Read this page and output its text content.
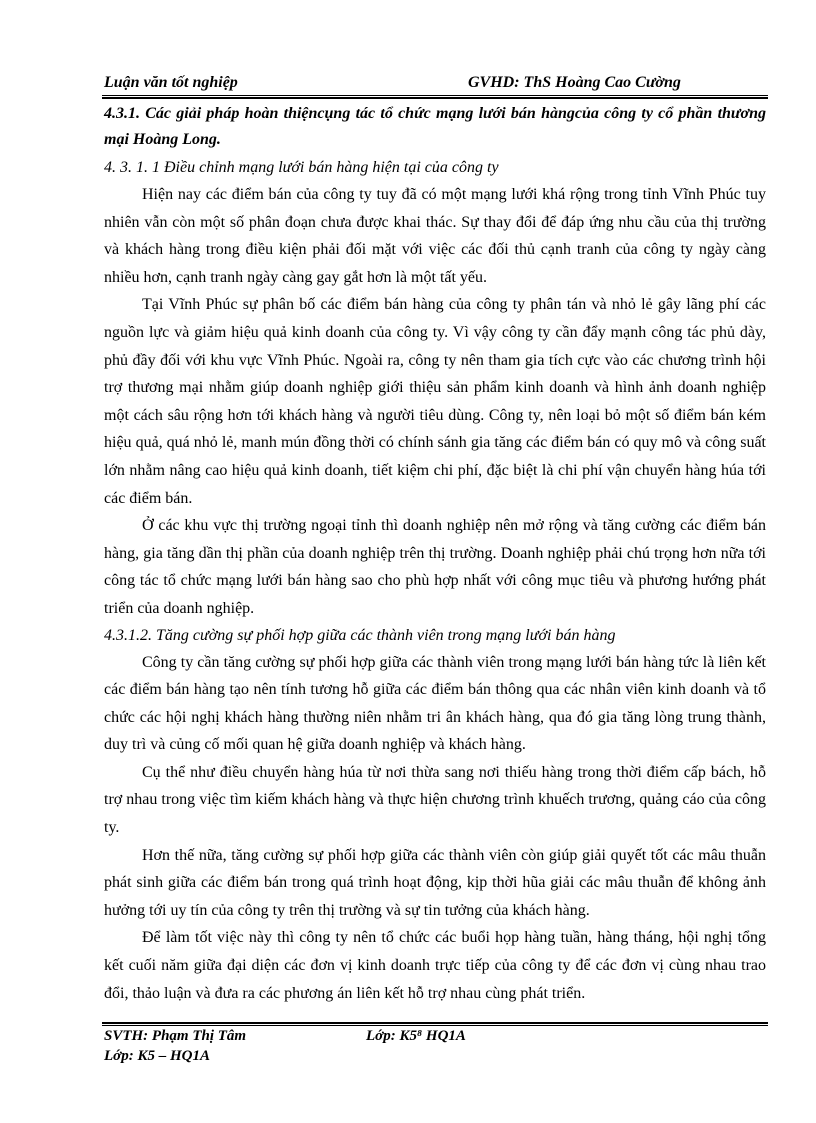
Luận văn tốt nghiệp	GVHD: ThS Hoàng Cao Cường

4.3.1. Các giải pháp hoàn thiệncụng tác tổ chức mạng lưới bán hàngcủa công ty cổ phần thương mại Hoàng Long.

4. 3. 1. 1 Điều chỉnh mạng lưới bán hàng hiện tại của công ty

Hiện nay các điểm bán của công ty tuy đã có một mạng lưới khá rộng trong tỉnh Vĩnh Phúc tuy nhiên vẫn còn một số phân đoạn chưa được khai thác. Sự thay đổi để đáp ứng nhu cầu của thị trường và khách hàng trong điều kiện phải đối mặt với việc các đối thủ cạnh tranh của công ty ngày càng nhiều hơn, cạnh tranh ngày càng gay gắt hơn là một tất yếu.

Tại Vĩnh Phúc sự phân bố các điểm bán hàng của công ty phân tán và nhỏ lẻ gây lãng phí các nguồn lực và giảm hiệu quả kinh doanh của công ty. Vì vậy công ty cần đẩy mạnh công tác phủ dày, phủ đầy đối với khu vực Vĩnh Phúc. Ngoài ra, công ty nên tham gia tích cực vào các chương trình hội trợ thương mại nhằm giúp doanh nghiệp giới thiệu sản phẩm kinh doanh và hình ảnh doanh nghiệp một cách sâu rộng hơn tới khách hàng và người tiêu dùng. Công ty, nên loại bỏ một số điểm bán kém hiệu quả, quá nhỏ lẻ, manh mún đồng thời có chính sánh gia tăng các điểm bán có quy mô và công suất lớn nhằm nâng cao hiệu quả kinh doanh, tiết kiệm chi phí, đặc biệt là chi phí vận chuyển hàng húa tới các điểm bán.

Ở các khu vực thị trường ngoại tỉnh thì doanh nghiệp nên mở rộng và tăng cường các điểm bán hàng, gia tăng dần thị phần của doanh nghiệp trên thị trường. Doanh nghiệp phải chú trọng hơn nữa tới công tác tổ chức mạng lưới bán hàng sao cho phù hợp nhất với công mục tiêu và phương hướng phát triển của doanh nghiệp.

4.3.1.2. Tăng cường sự phối hợp giữa các thành viên trong mạng lưới bán hàng

Công ty cần tăng cường sự phối hợp giữa các thành viên trong mạng lưới bán hàng tức là liên kết các điểm bán hàng tạo nên tính tương hỗ giữa các điểm bán thông qua các nhân viên kinh doanh và tổ chức các hội nghị khách hàng thường niên nhằm tri ân khách hàng, qua đó gia tăng lòng trung thành, duy trì và củng cố mối quan hệ giữa doanh nghiệp và khách hàng.

Cụ thể như điều chuyển hàng húa từ nơi thừa sang nơi thiếu hàng trong thời điểm cấp bách, hỗ trợ nhau trong việc tìm kiếm khách hàng và thực hiện chương trình khuếch trương, quảng cáo của công ty.

Hơn thế nữa, tăng cường sự phối hợp giữa các thành viên còn giúp giải quyết tốt các mâu thuẫn phát sinh giữa các điểm bán trong quá trình hoạt động, kịp thời hũa giải các mâu thuẫn để không ảnh hưởng tới uy tín của công ty trên thị trường và sự tin tưởng của khách hàng.

Để làm tốt việc này thì công ty nên tổ chức các buổi họp hàng tuần, hàng tháng, hội nghị tổng kết cuối năm giữa đại diện các đơn vị kinh doanh trực tiếp của công ty để các đơn vị cùng nhau trao đổi, thảo luận và đưa ra các phương án liên kết hỗ trợ nhau cùng phát triển.

SVTH: Phạm Thị Tâm	Lớp: K5⁸ HQ1A
Lớp: K5 – HQ1A
